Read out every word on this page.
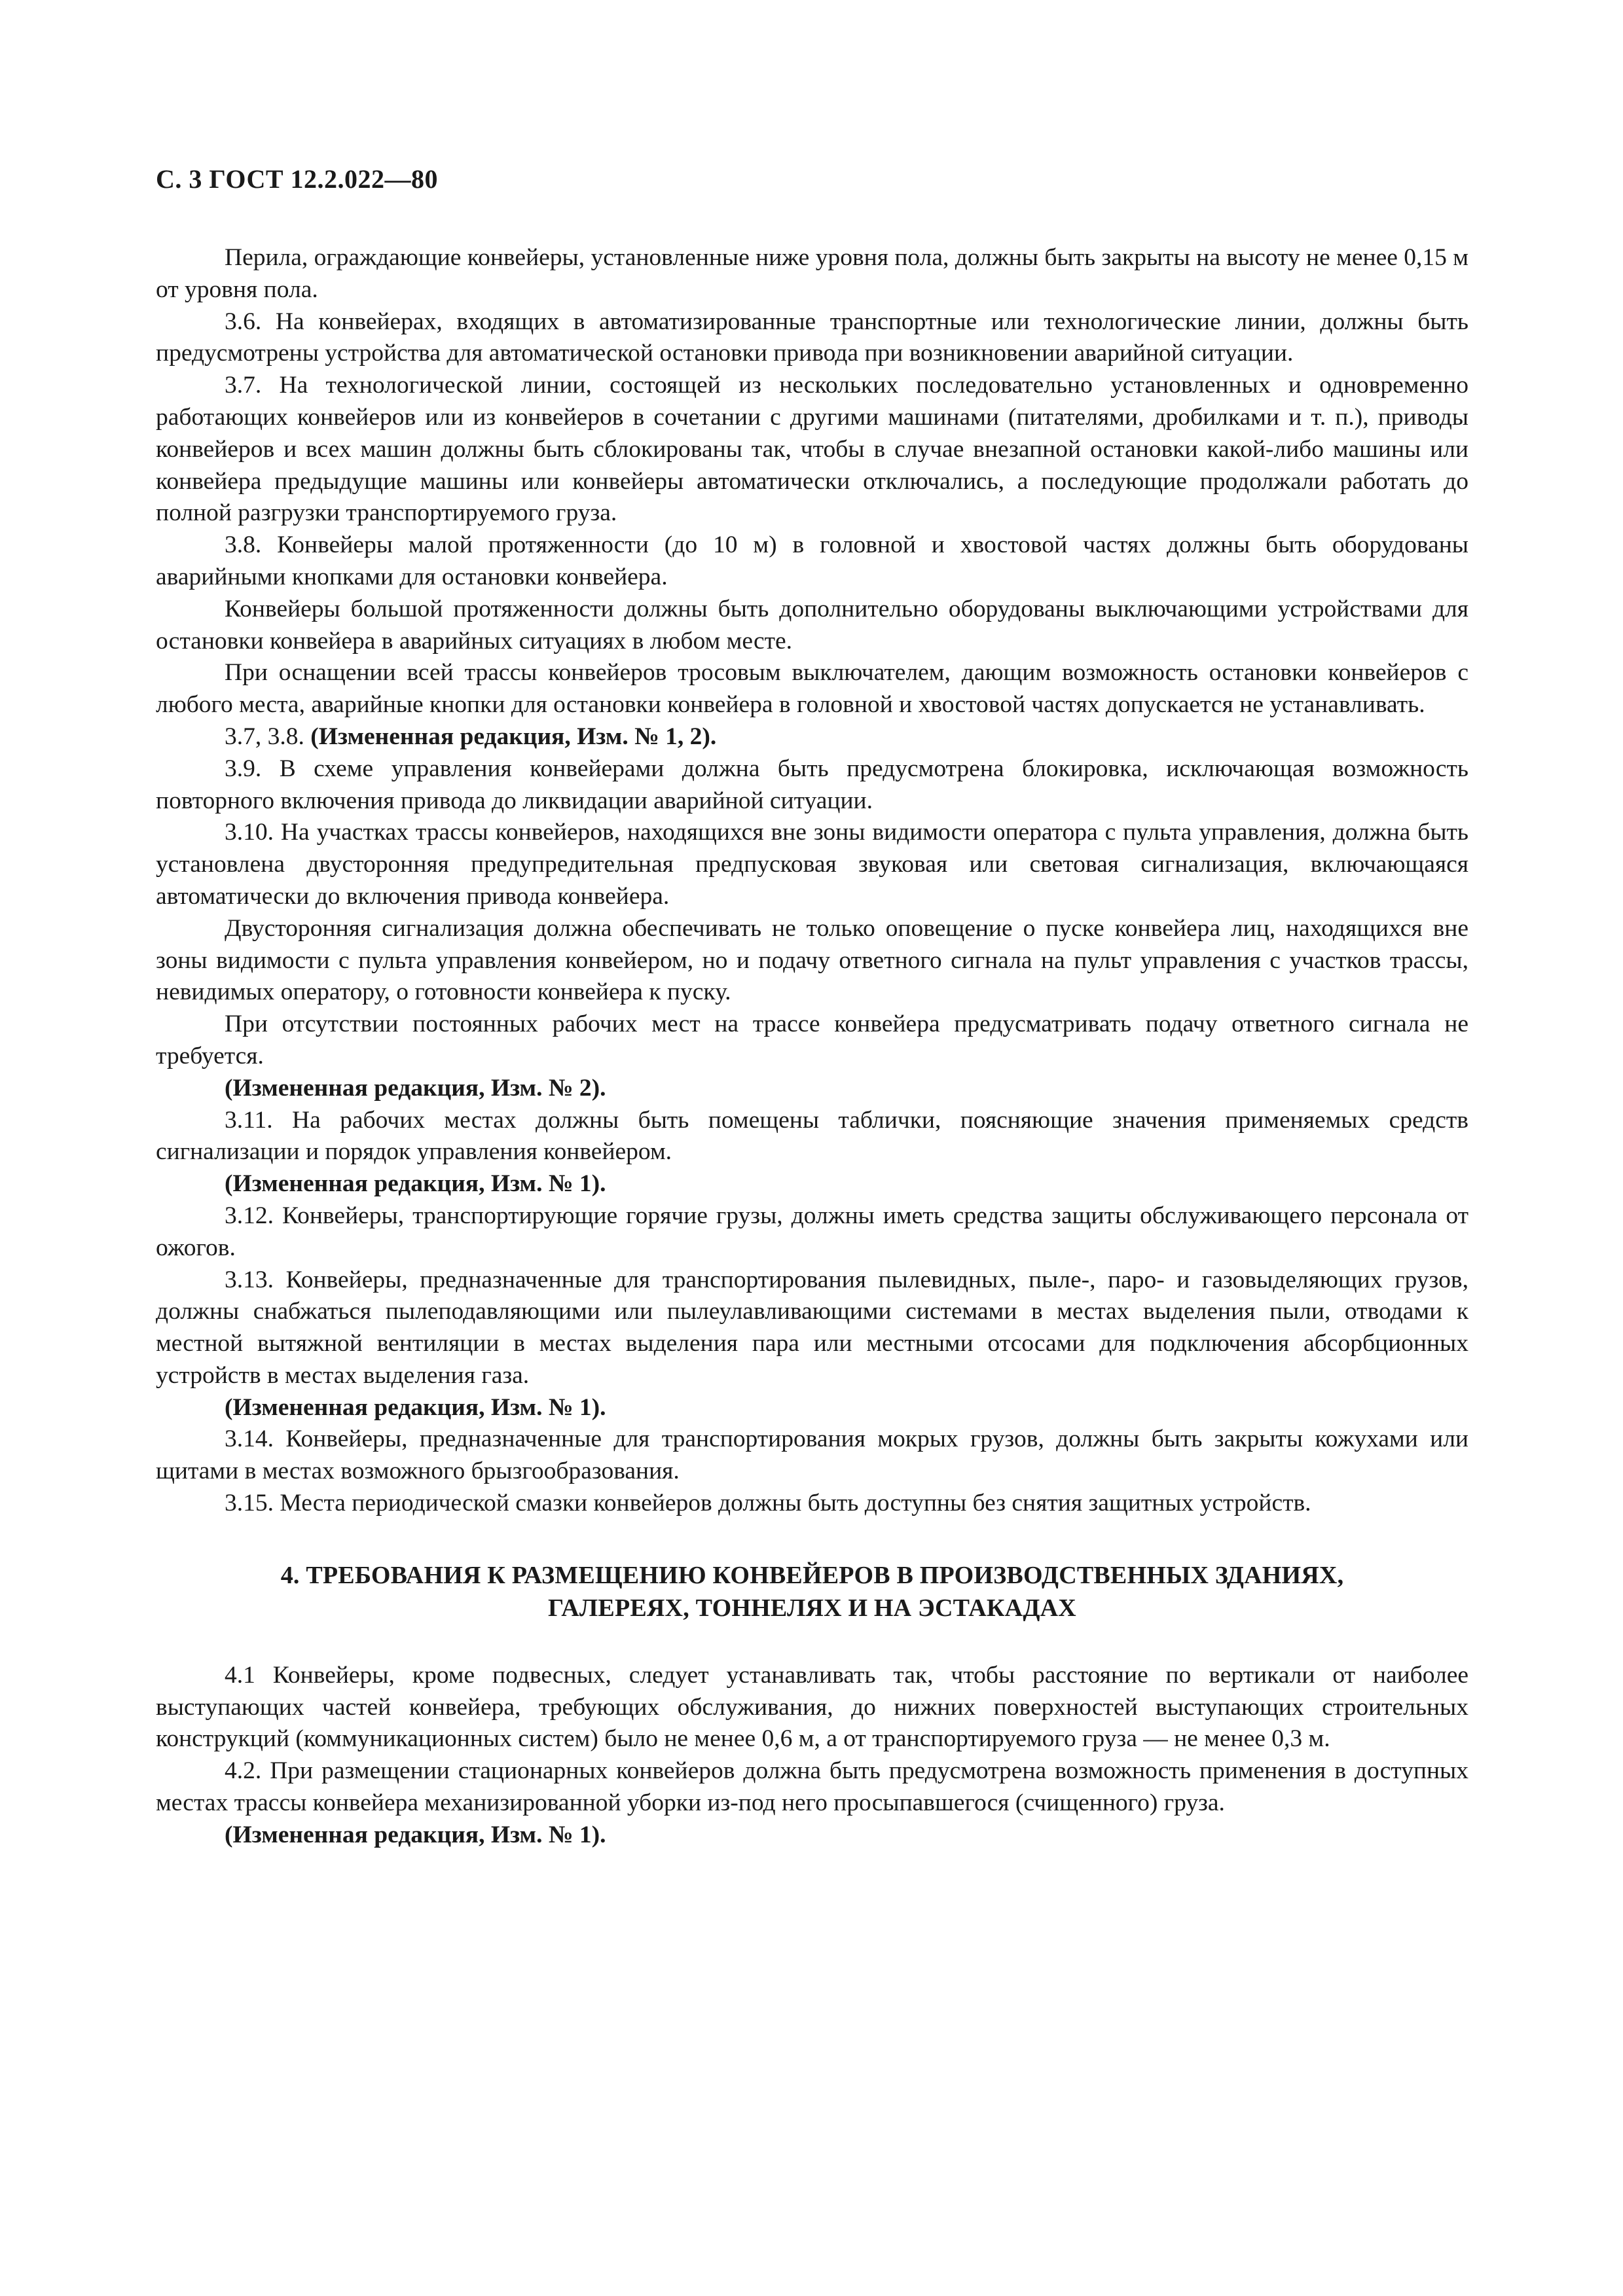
С. 3 ГОСТ 12.2.022—80

Перила, ограждающие конвейеры, установленные ниже уровня пола, должны быть закрыты на высоту не менее 0,15 м от уровня пола.

3.6. На конвейерах, входящих в автоматизированные транспортные или технологические линии, должны быть предусмотрены устройства для автоматической остановки привода при возникновении аварийной ситуации.

3.7. На технологической линии, состоящей из нескольких последовательно установленных и одновременно работающих конвейеров или из конвейеров в сочетании с другими машинами (питателями, дробилками и т. п.), приводы конвейеров и всех машин должны быть сблокированы так, чтобы в случае внезапной остановки какой-либо машины или конвейера предыдущие машины или конвейеры автоматически отключались, а последующие продолжали работать до полной разгрузки транспортируемого груза.

3.8. Конвейеры малой протяженности (до 10 м) в головной и хвостовой частях должны быть оборудованы аварийными кнопками для остановки конвейера.

Конвейеры большой протяженности должны быть дополнительно оборудованы выключающими устройствами для остановки конвейера в аварийных ситуациях в любом месте.

При оснащении всей трассы конвейеров тросовым выключателем, дающим возможность остановки конвейеров с любого места, аварийные кнопки для остановки конвейера в головной и хвостовой частях допускается не устанавливать.

3.7, 3.8. (Измененная редакция, Изм. № 1, 2).

3.9. В схеме управления конвейерами должна быть предусмотрена блокировка, исключающая возможность повторного включения привода до ликвидации аварийной ситуации.

3.10. На участках трассы конвейеров, находящихся вне зоны видимости оператора с пульта управления, должна быть установлена двусторонняя предупредительная предпусковая звуковая или световая сигнализация, включающаяся автоматически до включения привода конвейера.

Двусторонняя сигнализация должна обеспечивать не только оповещение о пуске конвейера лиц, находящихся вне зоны видимости с пульта управления конвейером, но и подачу ответного сигнала на пульт управления с участков трассы, невидимых оператору, о готовности конвейера к пуску.

При отсутствии постоянных рабочих мест на трассе конвейера предусматривать подачу ответного сигнала не требуется.

(Измененная редакция, Изм. № 2).

3.11. На рабочих местах должны быть помещены таблички, поясняющие значения применяемых средств сигнализации и порядок управления конвейером.

(Измененная редакция, Изм. № 1).

3.12. Конвейеры, транспортирующие горячие грузы, должны иметь средства защиты обслуживающего персонала от ожогов.

3.13. Конвейеры, предназначенные для транспортирования пылевидных, пыле-, паро- и газовыделяющих грузов, должны снабжаться пылеподавляющими или пылеулавливающими системами в местах выделения пыли, отводами к местной вытяжной вентиляции в местах выделения пара или местными отсосами для подключения абсорбционных устройств в местах выделения газа.

(Измененная редакция, Изм. № 1).

3.14. Конвейеры, предназначенные для транспортирования мокрых грузов, должны быть закрыты кожухами или щитами в местах возможного брызгообразования.

3.15. Места периодической смазки конвейеров должны быть доступны без снятия защитных устройств.

4. ТРЕБОВАНИЯ К РАЗМЕЩЕНИЮ КОНВЕЙЕРОВ В ПРОИЗВОДСТВЕННЫХ ЗДАНИЯХ,
ГАЛЕРЕЯХ, ТОННЕЛЯХ И НА ЭСТАКАДАХ

4.1 Конвейеры, кроме подвесных, следует устанавливать так, чтобы расстояние по вертикали от наиболее выступающих частей конвейера, требующих обслуживания, до нижних поверхностей выступающих строительных конструкций (коммуникационных систем) было не менее 0,6 м, а от транспортируемого груза — не менее 0,3 м.

4.2. При размещении стационарных конвейеров должна быть предусмотрена возможность применения в доступных местах трассы конвейера механизированной уборки из-под него просыпавшегося (счищенного) груза.

(Измененная редакция, Изм. № 1).
